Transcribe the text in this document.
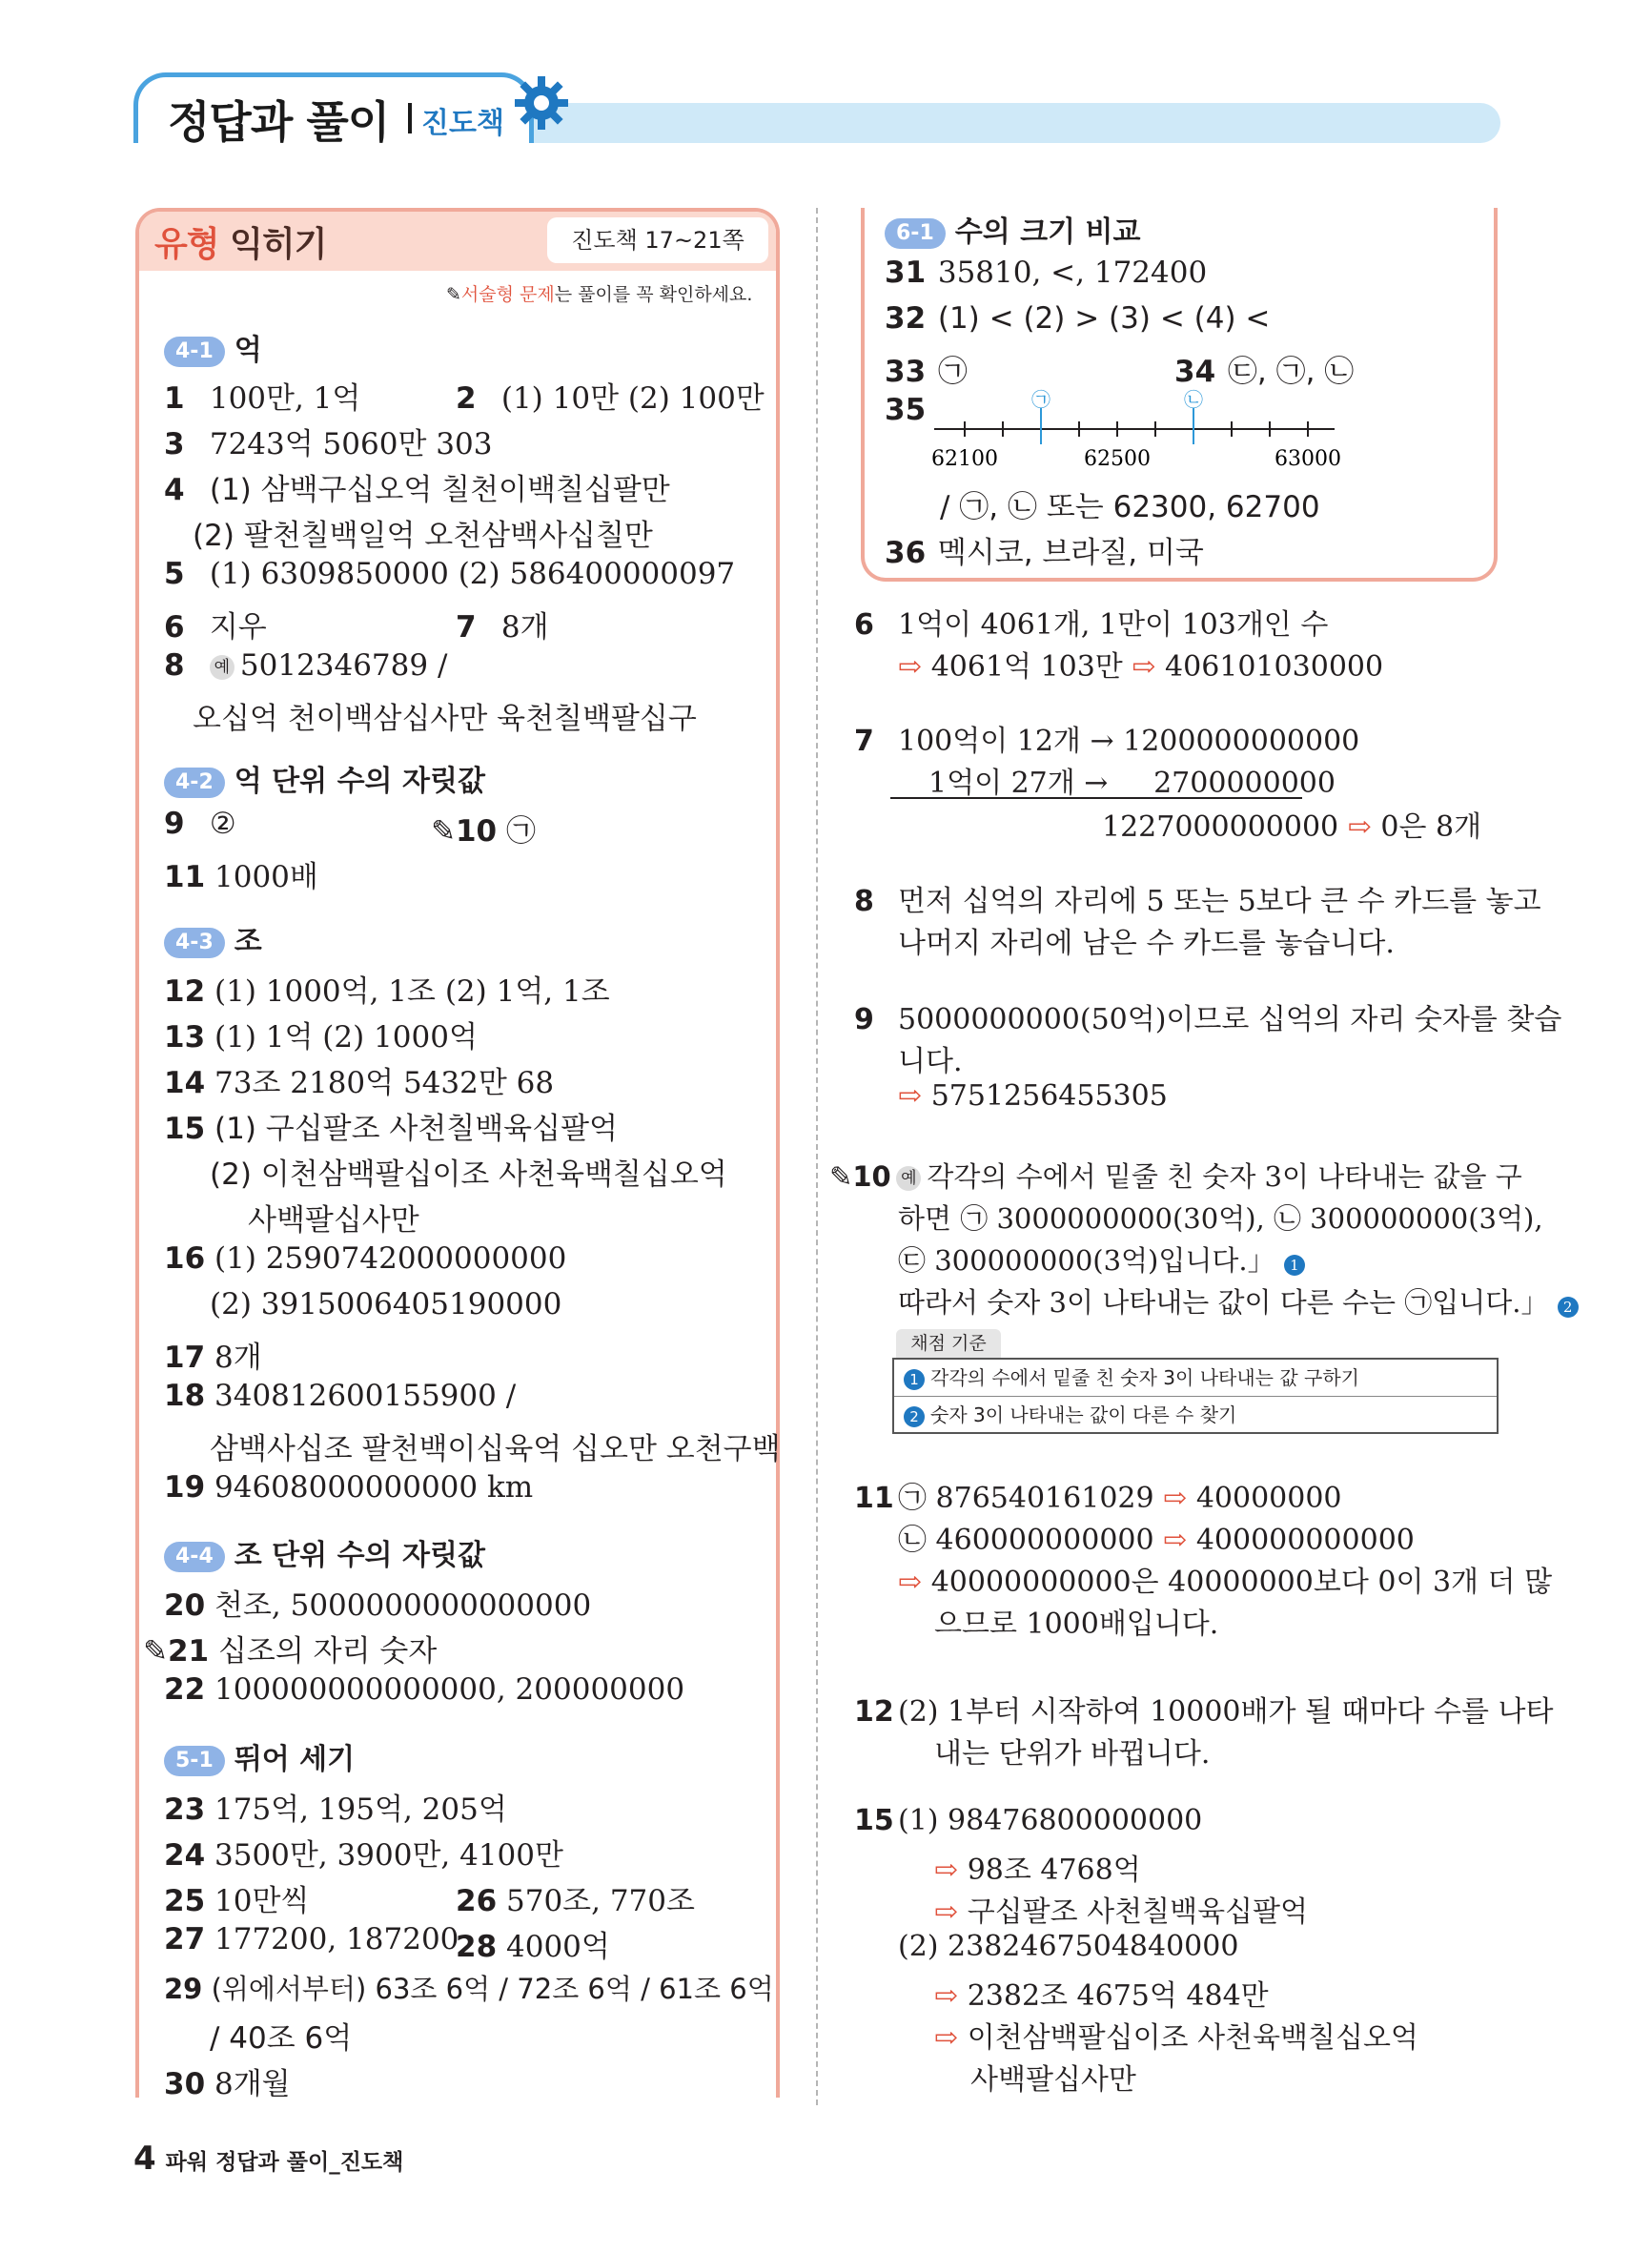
정답과 풀이 진도책
유형 익히기	진도책 17~21쪽
✎서술형 문제는 풀이를 꼭 확인하세요.
4-1 억
1 100만, 1억	2 (1) 10만 (2) 100만
3 7243억 5060만 303
4 (1) 삼백구십오억 칠천이백칠십팔만
(2) 팔천칠백일억 오천삼백사십칠만
5 (1) 6309850000 (2) 586400000097
6 지우	7 8개
8 예 5012346789 /
오십억 천이백삼십사만 육천칠백팔십구
4-2 억 단위 수의 자릿값
9 ②	✎10 ㉠
11 1000배
4-3 조
12 (1) 1000억, 1조 (2) 1억, 1조
13 (1) 1억 (2) 1000억
14 73조 2180억 5432만 68
15 (1) 구십팔조 사천칠백육십팔억
(2) 이천삼백팔십이조 사천육백칠십오억
사백팔십사만
16 (1) 2590742000000000
(2) 3915006405190000
17 8개
18 340812600155900 /
삼백사십조 팔천백이십육억 십오만 오천구백
19 94608000000000 km
4-4 조 단위 수의 자릿값
20 천조, 5000000000000000
✎21 십조의 자리 숫자
22 100000000000000, 200000000
5-1 뛰어 세기
23 175억, 195억, 205억
24 3500만, 3900만, 4100만
25 10만씩	26 570조, 770조
27 177200, 187200
28 4000억
29 (위에서부터) 63조 6억 / 72조 6억 / 61조 6억
/ 40조 6억
30 8개월
6-1 수의 크기 비교
31 35810, <, 172400
32 (1) < (2) > (3) < (4) <
33 ㉠	34 ㉢, ㉠, ㉡
35	㉠	㉡
62100	62500	63000
/ ㉠, ㉡ 또는 62300, 62700
36 멕시코, 브라질, 미국
6 1억이 4061개, 1만이 103개인 수
⇨ 4061억 103만 ⇨ 406101030000
7 100억이 12개 → 1200000000000
1억이 27개 →     2700000000
1227000000000 ⇨ 0은 8개
8 먼저 십억의 자리에 5 또는 5보다 큰 수 카드를 놓고
나머지 자리에 남은 수 카드를 놓습니다.
9 5000000000(50억)이므로 십억의 자리 숫자를 찾습
니다.
⇨ 5751256455305
✎10 예 각각의 수에서 밑줄 친 숫자 3이 나타내는 값을 구
하면 ㉠ 3000000000(30억), ㉡ 300000000(3억),
㉢ 300000000(3억)입니다.」 1
따라서 숫자 3이 나타내는 값이 다른 수는 ㉠입니다.」 2
채점 기준
1 각각의 수에서 밑줄 친 숫자 3이 나타내는 값 구하기
2 숫자 3이 나타내는 값이 다른 수 찾기
11 ㉠ 876540161029 ⇨ 40000000
㉡ 460000000000 ⇨ 400000000000
⇨ 40000000000은 40000000보다 0이 3개 더 많
으므로 1000배입니다.
12 (2) 1부터 시작하여 10000배가 될 때마다 수를 나타
내는 단위가 바뀝니다.
15 (1) 98476800000000
⇨ 98조 4768억
⇨ 구십팔조 사천칠백육십팔억
(2) 2382467504840000
⇨ 2382조 4675억 484만
⇨ 이천삼백팔십이조 사천육백칠십오억
사백팔십사만
4 파워 정답과 풀이_진도책
